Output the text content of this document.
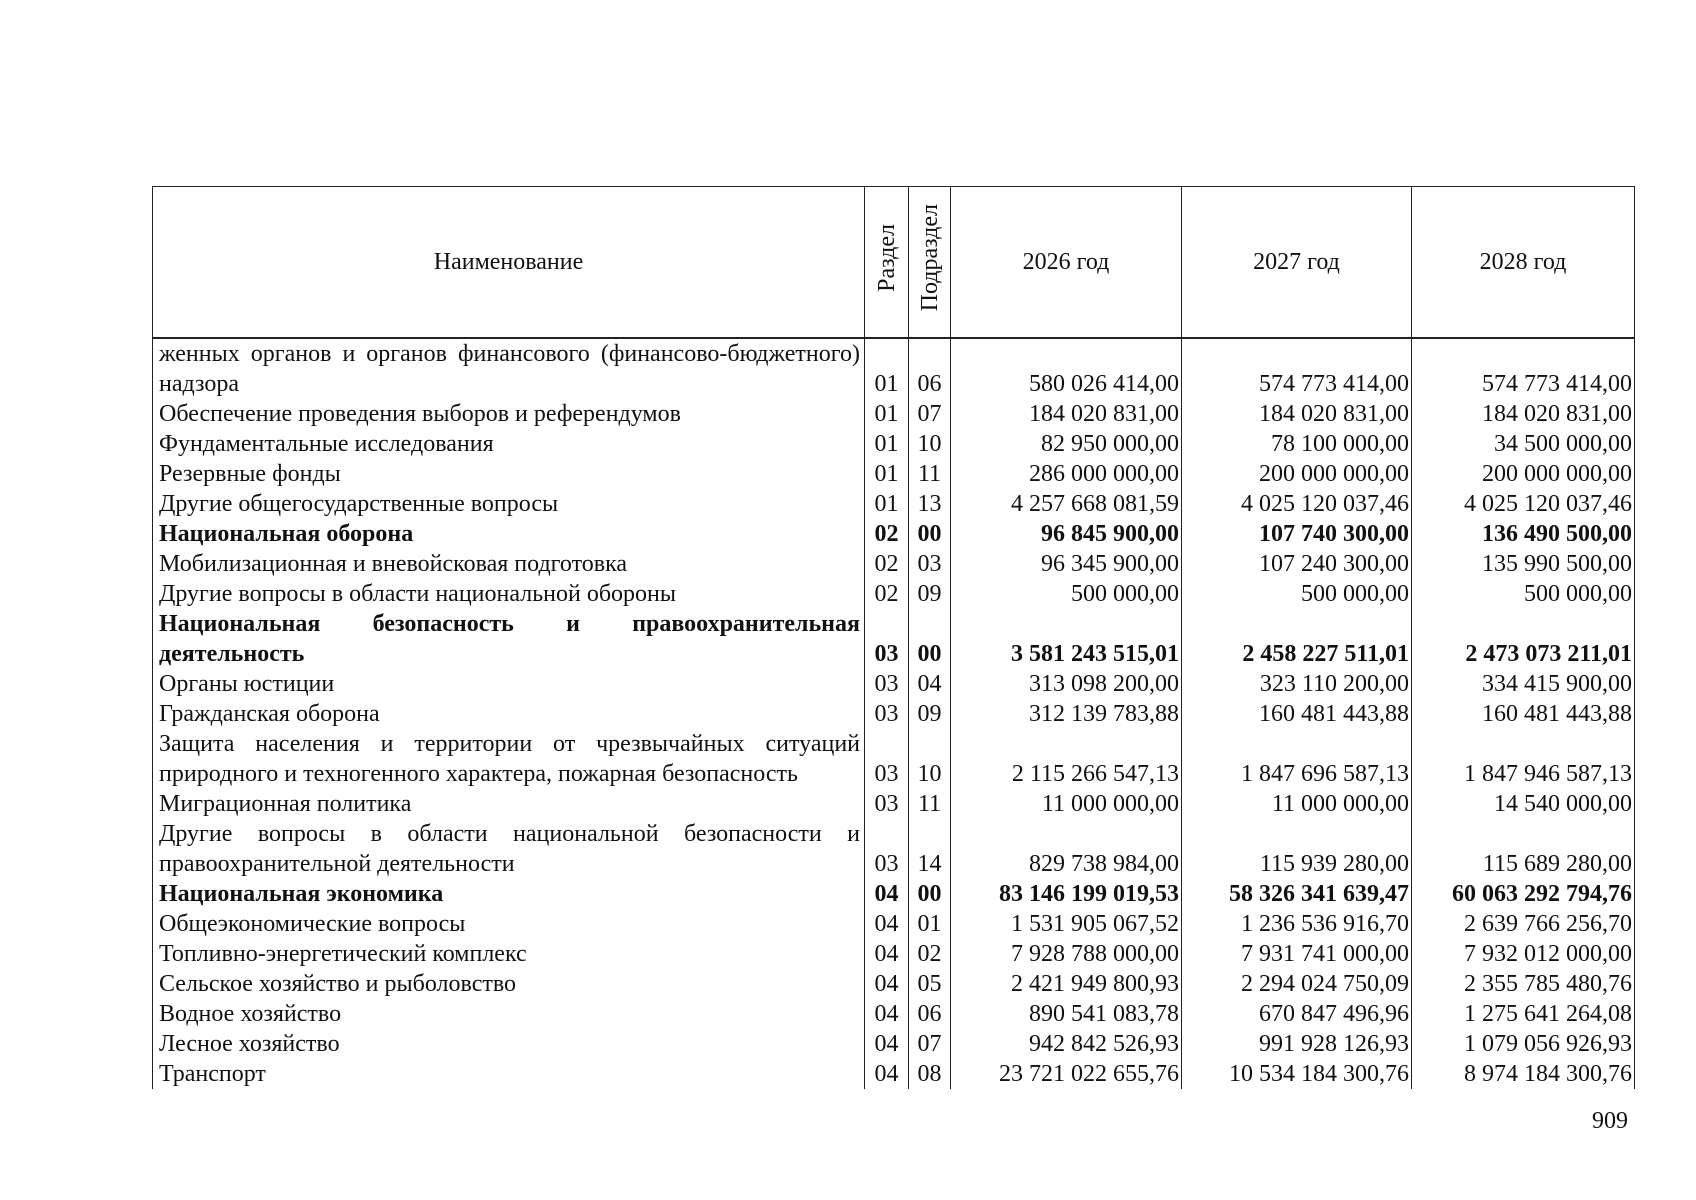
Наименование	Раздел	Подраздел	2026 год	2027 год	2028 год
женных органов и органов финансового (финансово-бюджетного) надзора	01	06	580 026 414,00	574 773 414,00	574 773 414,00
Обеспечение проведения выборов и референдумов	01	07	184 020 831,00	184 020 831,00	184 020 831,00
Фундаментальные исследования	01	10	82 950 000,00	78 100 000,00	34 500 000,00
Резервные фонды	01	11	286 000 000,00	200 000 000,00	200 000 000,00
Другие общегосударственные вопросы	01	13	4 257 668 081,59	4 025 120 037,46	4 025 120 037,46
Национальная оборона	02	00	96 845 900,00	107 740 300,00	136 490 500,00
Мобилизационная и вневойсковая подготовка	02	03	96 345 900,00	107 240 300,00	135 990 500,00
Другие вопросы в области национальной обороны	02	09	500 000,00	500 000,00	500 000,00
Национальная безопасность и правоохранительная деятельность	03	00	3 581 243 515,01	2 458 227 511,01	2 473 073 211,01
Органы юстиции	03	04	313 098 200,00	323 110 200,00	334 415 900,00
Гражданская оборона	03	09	312 139 783,88	160 481 443,88	160 481 443,88
Защита населения и территории от чрезвычайных ситуаций природного и техногенного характера, пожарная безопасность	03	10	2 115 266 547,13	1 847 696 587,13	1 847 946 587,13
Миграционная политика	03	11	11 000 000,00	11 000 000,00	14 540 000,00
Другие вопросы в области национальной безопасности и правоохранительной деятельности	03	14	829 738 984,00	115 939 280,00	115 689 280,00
Национальная экономика	04	00	83 146 199 019,53	58 326 341 639,47	60 063 292 794,76
Общеэкономические вопросы	04	01	1 531 905 067,52	1 236 536 916,70	2 639 766 256,70
Топливно-энергетический комплекс	04	02	7 928 788 000,00	7 931 741 000,00	7 932 012 000,00
Сельское хозяйство и рыболовство	04	05	2 421 949 800,93	2 294 024 750,09	2 355 785 480,76
Водное хозяйство	04	06	890 541 083,78	670 847 496,96	1 275 641 264,08
Лесное хозяйство	04	07	942 842 526,93	991 928 126,93	1 079 056 926,93
Транспорт	04	08	23 721 022 655,76	10 534 184 300,76	8 974 184 300,76
909
